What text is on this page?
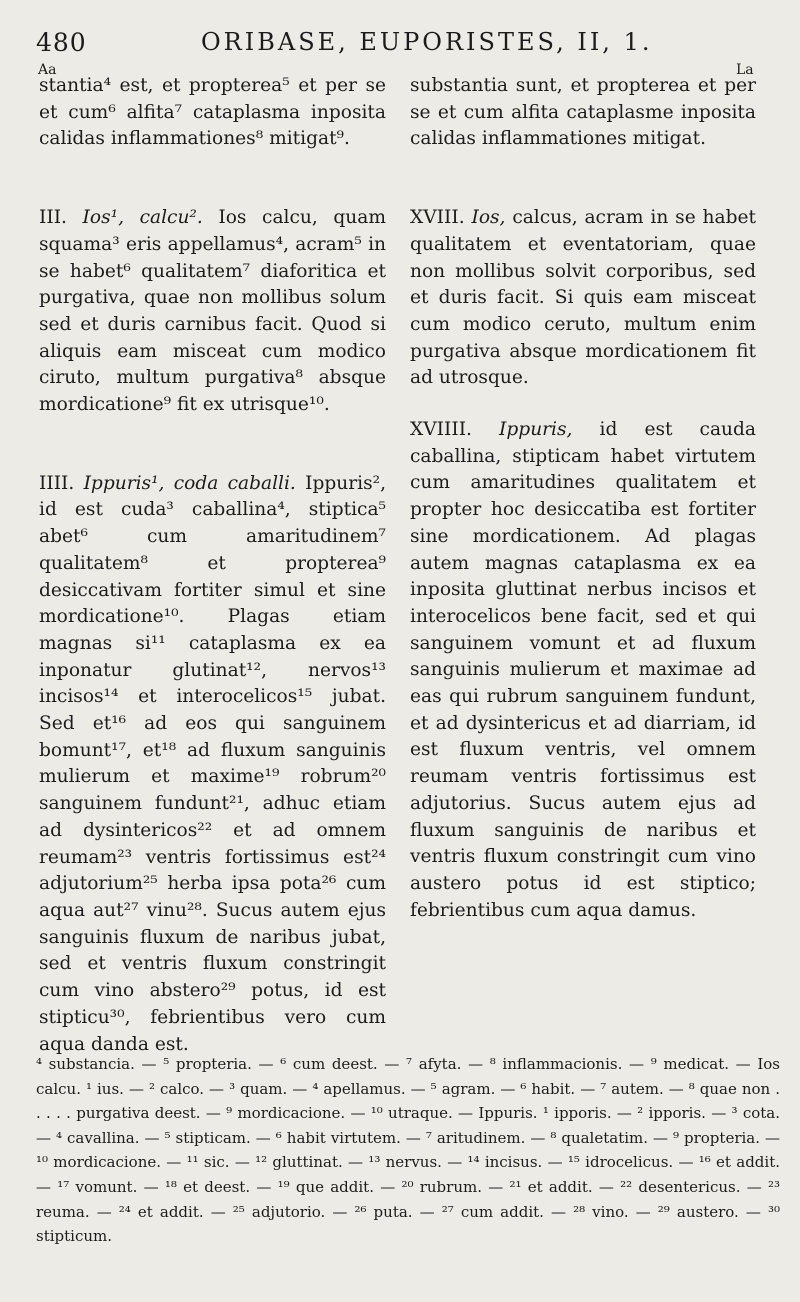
480	ORIBASE, EUPORISTES, II, 1.
Aa	La

stantia⁴ est, et propterea⁵ et per se et cum⁶ alfita⁷ cataplasma inposita calidas inflammationes⁸ mitigat⁹.

III. Ios¹, calcu². Ios calcu, quam squama³ eris appellamus⁴, acram⁵ in se habet⁶ qualitatem⁷ diaforitica et purgativa, quae non mollibus solum sed et duris carnibus facit. Quod si aliquis eam misceat cum modico ciruto, multum purgativa⁸ absque mordicatione⁹ fit ex utrisque¹⁰.

IIII. Ippuris¹, coda caballi. Ippuris², id est cuda³ caballina⁴, stiptica⁵ abet⁶ cum amaritudinem⁷ qualitatem⁸ et propterea⁹ desiccativam fortiter simul et sine mordicatione¹⁰. Plagas etiam magnas si¹¹ cataplasma ex ea inponatur glutinat¹², nervos¹³ incisos¹⁴ et interocelicos¹⁵ jubat. Sed et¹⁶ ad eos qui sanguinem bomunt¹⁷, et¹⁸ ad fluxum sanguinis mulierum et maxime¹⁹ robrum²⁰ sanguinem fundunt²¹, adhuc etiam ad dysintericos²² et ad omnem reumam²³ ventris fortissimus est²⁴ adjutorium²⁵ herba ipsa pota²⁶ cum aqua aut²⁷ vinu²⁸. Sucus autem ejus sanguinis fluxum de naribus jubat, sed et ventris fluxum constringit cum vino abstero²⁹ potus, id est stipticu³⁰, febrientibus vero cum aqua danda est.

substantia sunt, et propterea et per se et cum alfita cataplasme inposita calidas inflammationes mitigat.

XVIII. Ios, calcus, acram in se habet qualitatem et eventatoriam, quae non mollibus solvit corporibus, sed et duris facit. Si quis eam misceat cum modico ceruto, multum enim purgativa absque mordicationem fit ad utrosque.

XVIIII. Ippuris, id est cauda caballina, stipticam habet virtutem cum amaritudines qualitatem et propter hoc desiccatiba est fortiter sine mordicationem. Ad plagas autem magnas cataplasma ex ea inposita gluttinat nerbus incisos et interocelicos bene facit, sed et qui sanguinem vomunt et ad fluxum sanguinis mulierum et maximae ad eas qui rubrum sanguinem fundunt, et ad dysintericus et ad diarriam, id est fluxum ventris, vel omnem reumam ventris fortissimus est adjutorius. Sucus autem ejus ad fluxum sanguinis de naribus et ventris fluxum constringit cum vino austero potus id est stiptico; febrientibus cum aqua damus.

⁴ substancia. — ⁵ propteria. — ⁶ cum deest. — ⁷ afyta. — ⁸ inflammacionis. — ⁹ medicat. — Ios calcu. ¹ ius. — ² calco. — ³ quam. — ⁴ apellamus. — ⁵ agram. — ⁶ habit. — ⁷ autem. — ⁸ quae non . . . . . purgativa deest. — ⁹ mordicacione. — ¹⁰ utraque. — Ippuris. ¹ ipporis. — ² ipporis. — ³ cota. — ⁴ cavallina. — ⁵ stipticam. — ⁶ habit virtutem. — ⁷ aritudinem. — ⁸ qualetatim. — ⁹ propteria. — ¹⁰ mordicacione. — ¹¹ sic. — ¹² gluttinat. — ¹³ nervus. — ¹⁴ incisus. — ¹⁵ idrocelicus. — ¹⁶ et addit. — ¹⁷ vomunt. — ¹⁸ et deest. — ¹⁹ que addit. — ²⁰ rubrum. — ²¹ et addit. — ²² desentericus. — ²³ reuma. — ²⁴ et addit. — ²⁵ adjutorio. — ²⁶ puta. — ²⁷ cum addit. — ²⁸ vino. — ²⁹ austero. — ³⁰ stipticum.
